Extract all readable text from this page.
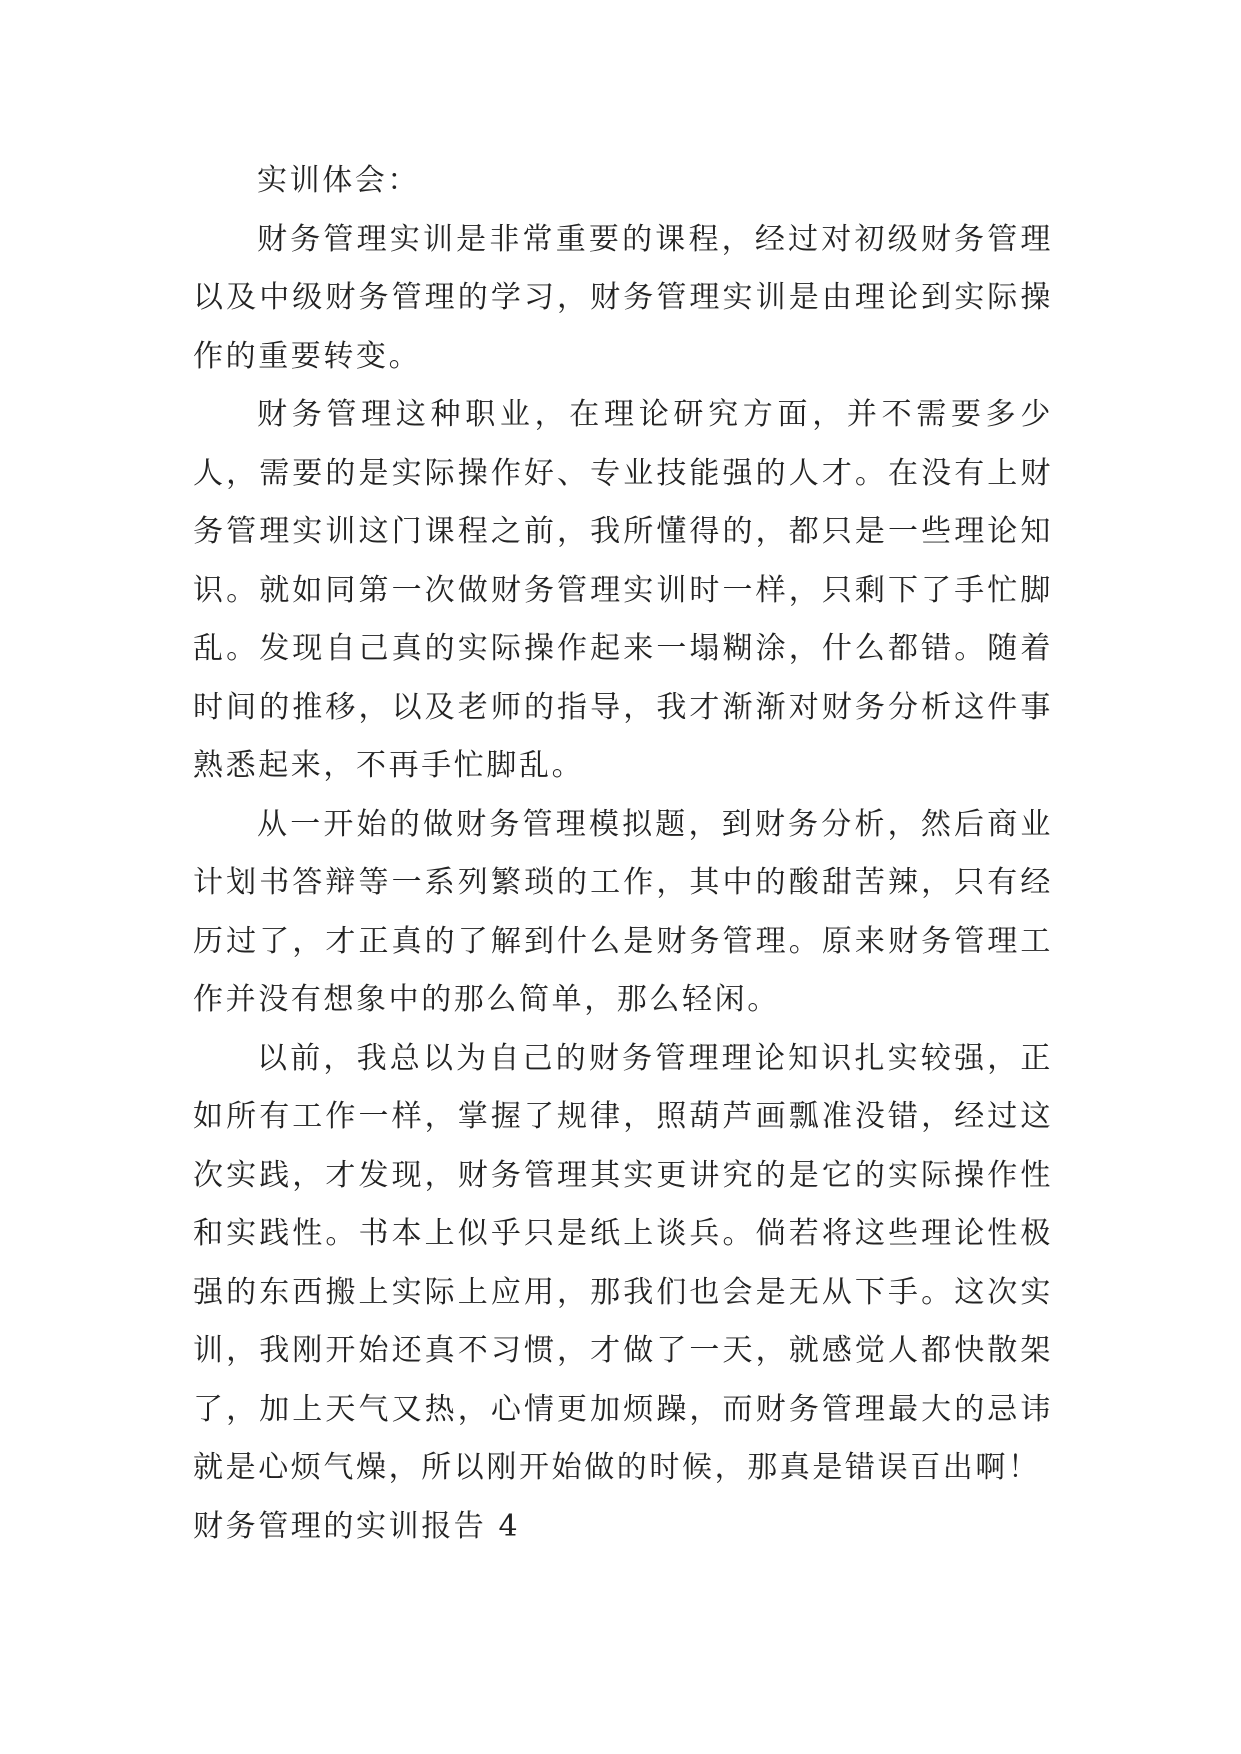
实训体会：

财务管理实训是非常重要的课程，经过对初级财务管理以及中级财务管理的学习，财务管理实训是由理论到实际操作的重要转变。

财务管理这种职业，在理论研究方面，并不需要多少人，需要的是实际操作好、专业技能强的人才。在没有上财务管理实训这门课程之前，我所懂得的，都只是一些理论知识。就如同第一次做财务管理实训时一样，只剩下了手忙脚乱。发现自己真的实际操作起来一塌糊涂，什么都错。随着时间的推移，以及老师的指导，我才渐渐对财务分析这件事熟悉起来，不再手忙脚乱。

从一开始的做财务管理模拟题，到财务分析，然后商业计划书答辩等一系列繁琐的工作，其中的酸甜苦辣，只有经历过了，才正真的了解到什么是财务管理。原来财务管理工作并没有想象中的那么简单，那么轻闲。

以前，我总以为自己的财务管理理论知识扎实较强，正如所有工作一样，掌握了规律，照葫芦画瓢准没错，经过这次实践，才发现，财务管理其实更讲究的是它的实际操作性和实践性。书本上似乎只是纸上谈兵。倘若将这些理论性极强的东西搬上实际上应用，那我们也会是无从下手。这次实训，我刚开始还真不习惯，才做了一天，就感觉人都快散架了，加上天气又热，心情更加烦躁，而财务管理最大的忌讳就是心烦气燥，所以刚开始做的时候，那真是错误百出啊！

财务管理的实训报告 4
